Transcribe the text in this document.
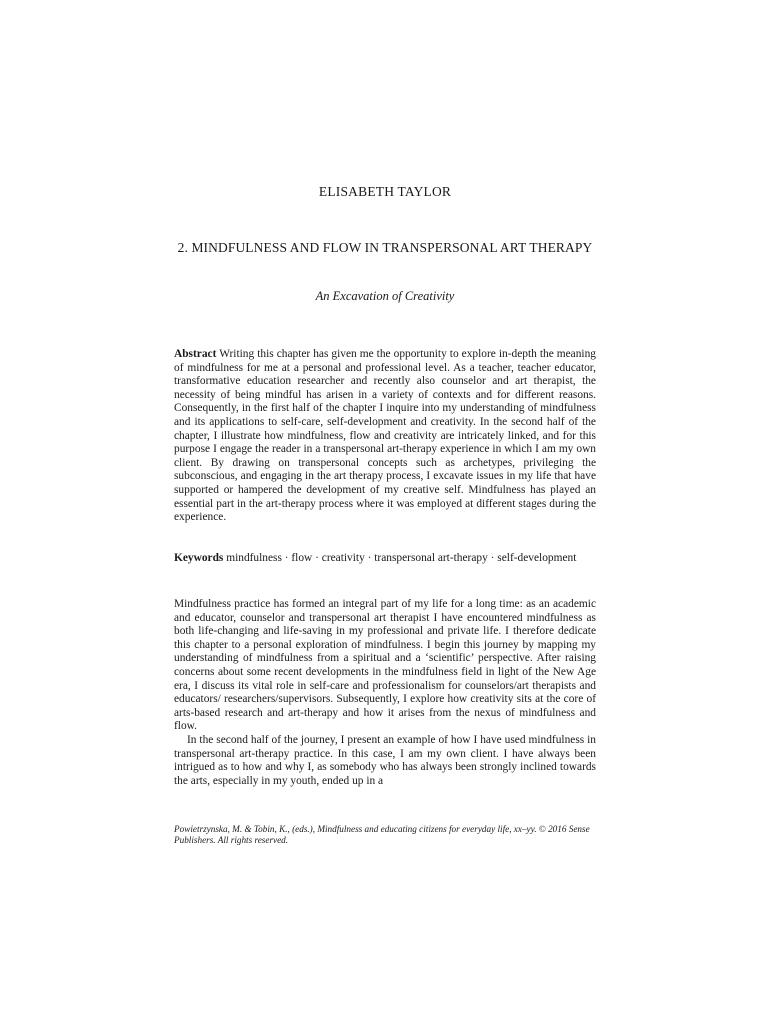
ELISABETH TAYLOR
2. MINDFULNESS AND FLOW IN TRANSPERSONAL ART THERAPY
An Excavation of Creativity

Abstract Writing this chapter has given me the opportunity to explore in-depth the meaning of mindfulness for me at a personal and professional level. As a teacher, teacher educator, transformative education researcher and recently also counselor and art therapist, the necessity of being mindful has arisen in a variety of contexts and for different reasons. Consequently, in the first half of the chapter I inquire into my understanding of mindfulness and its applications to self-care, self-development and creativity. In the second half of the chapter, I illustrate how mindfulness, flow and creativity are intricately linked, and for this purpose I engage the reader in a transpersonal art-therapy experience in which I am my own client. By drawing on transpersonal concepts such as archetypes, privileging the subconscious, and engaging in the art therapy process, I excavate issues in my life that have supported or hampered the development of my creative self. Mindfulness has played an essential part in the art-therapy process where it was employed at different stages during the experience.

Keywords mindfulness · flow · creativity · transpersonal art-therapy · self-development

Mindfulness practice has formed an integral part of my life for a long time: as an academic and educator, counselor and transpersonal art therapist I have encountered mindfulness as both life-changing and life-saving in my professional and private life. I therefore dedicate this chapter to a personal exploration of mindfulness. I begin this journey by mapping my understanding of mindfulness from a spiritual and a ‘scientific’ perspective. After raising concerns about some recent developments in the mindfulness field in light of the New Age era, I discuss its vital role in self-care and professionalism for counselors/art therapists and educators/ researchers/supervisors. Subsequently, I explore how creativity sits at the core of arts-based research and art-therapy and how it arises from the nexus of mindfulness and flow.

In the second half of the journey, I present an example of how I have used mindfulness in transpersonal art-therapy practice. In this case, I am my own client. I have always been intrigued as to how and why I, as somebody who has always been strongly inclined towards the arts, especially in my youth, ended up in a

Powietrzynska, M. & Tobin, K., (eds.), Mindfulness and educating citizens for everyday life, xx–yy. © 2016 Sense Publishers. All rights reserved.
